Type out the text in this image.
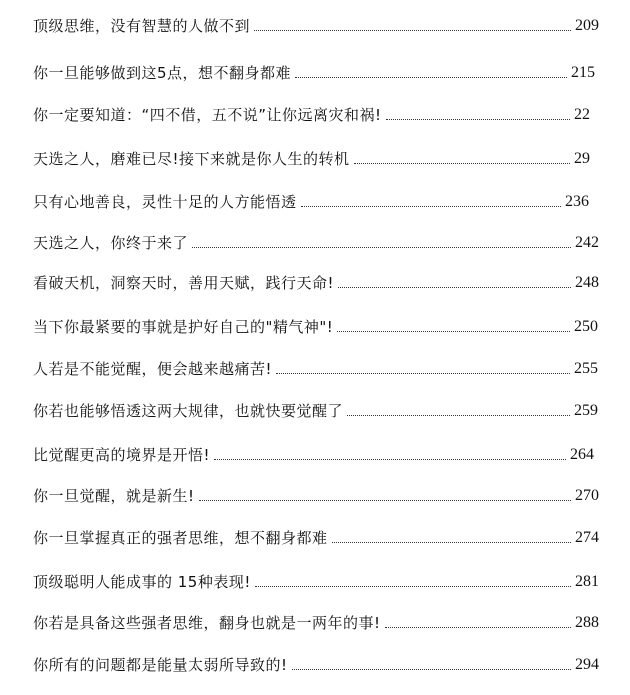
顶级思维，没有智慧的人做不到	209
你一旦能够做到这5点，想不翻身都难	215
你一定要知道：“四不借，五不说”让你远离灾和祸!	22
天选之人，磨难已尽!接下来就是你人生的转机	29
只有心地善良，灵性十足的人方能悟透	236
天选之人，你终于来了	242
看破天机，洞察天时，善用天赋，践行天命!	248
当下你最紧要的事就是护好自己的"精气神"!	250
人若是不能觉醒，便会越来越痛苦!	255
你若也能够悟透这两大规律，也就快要觉醒了	259
比觉醒更高的境界是开悟!	264
你一旦觉醒，就是新生!	270
你一旦掌握真正的强者思维，想不翻身都难	274
顶级聪明人能成事的 15种表现!	281
你若是具备这些强者思维，翻身也就是一两年的事!	288
你所有的问题都是能量太弱所导致的!	294
